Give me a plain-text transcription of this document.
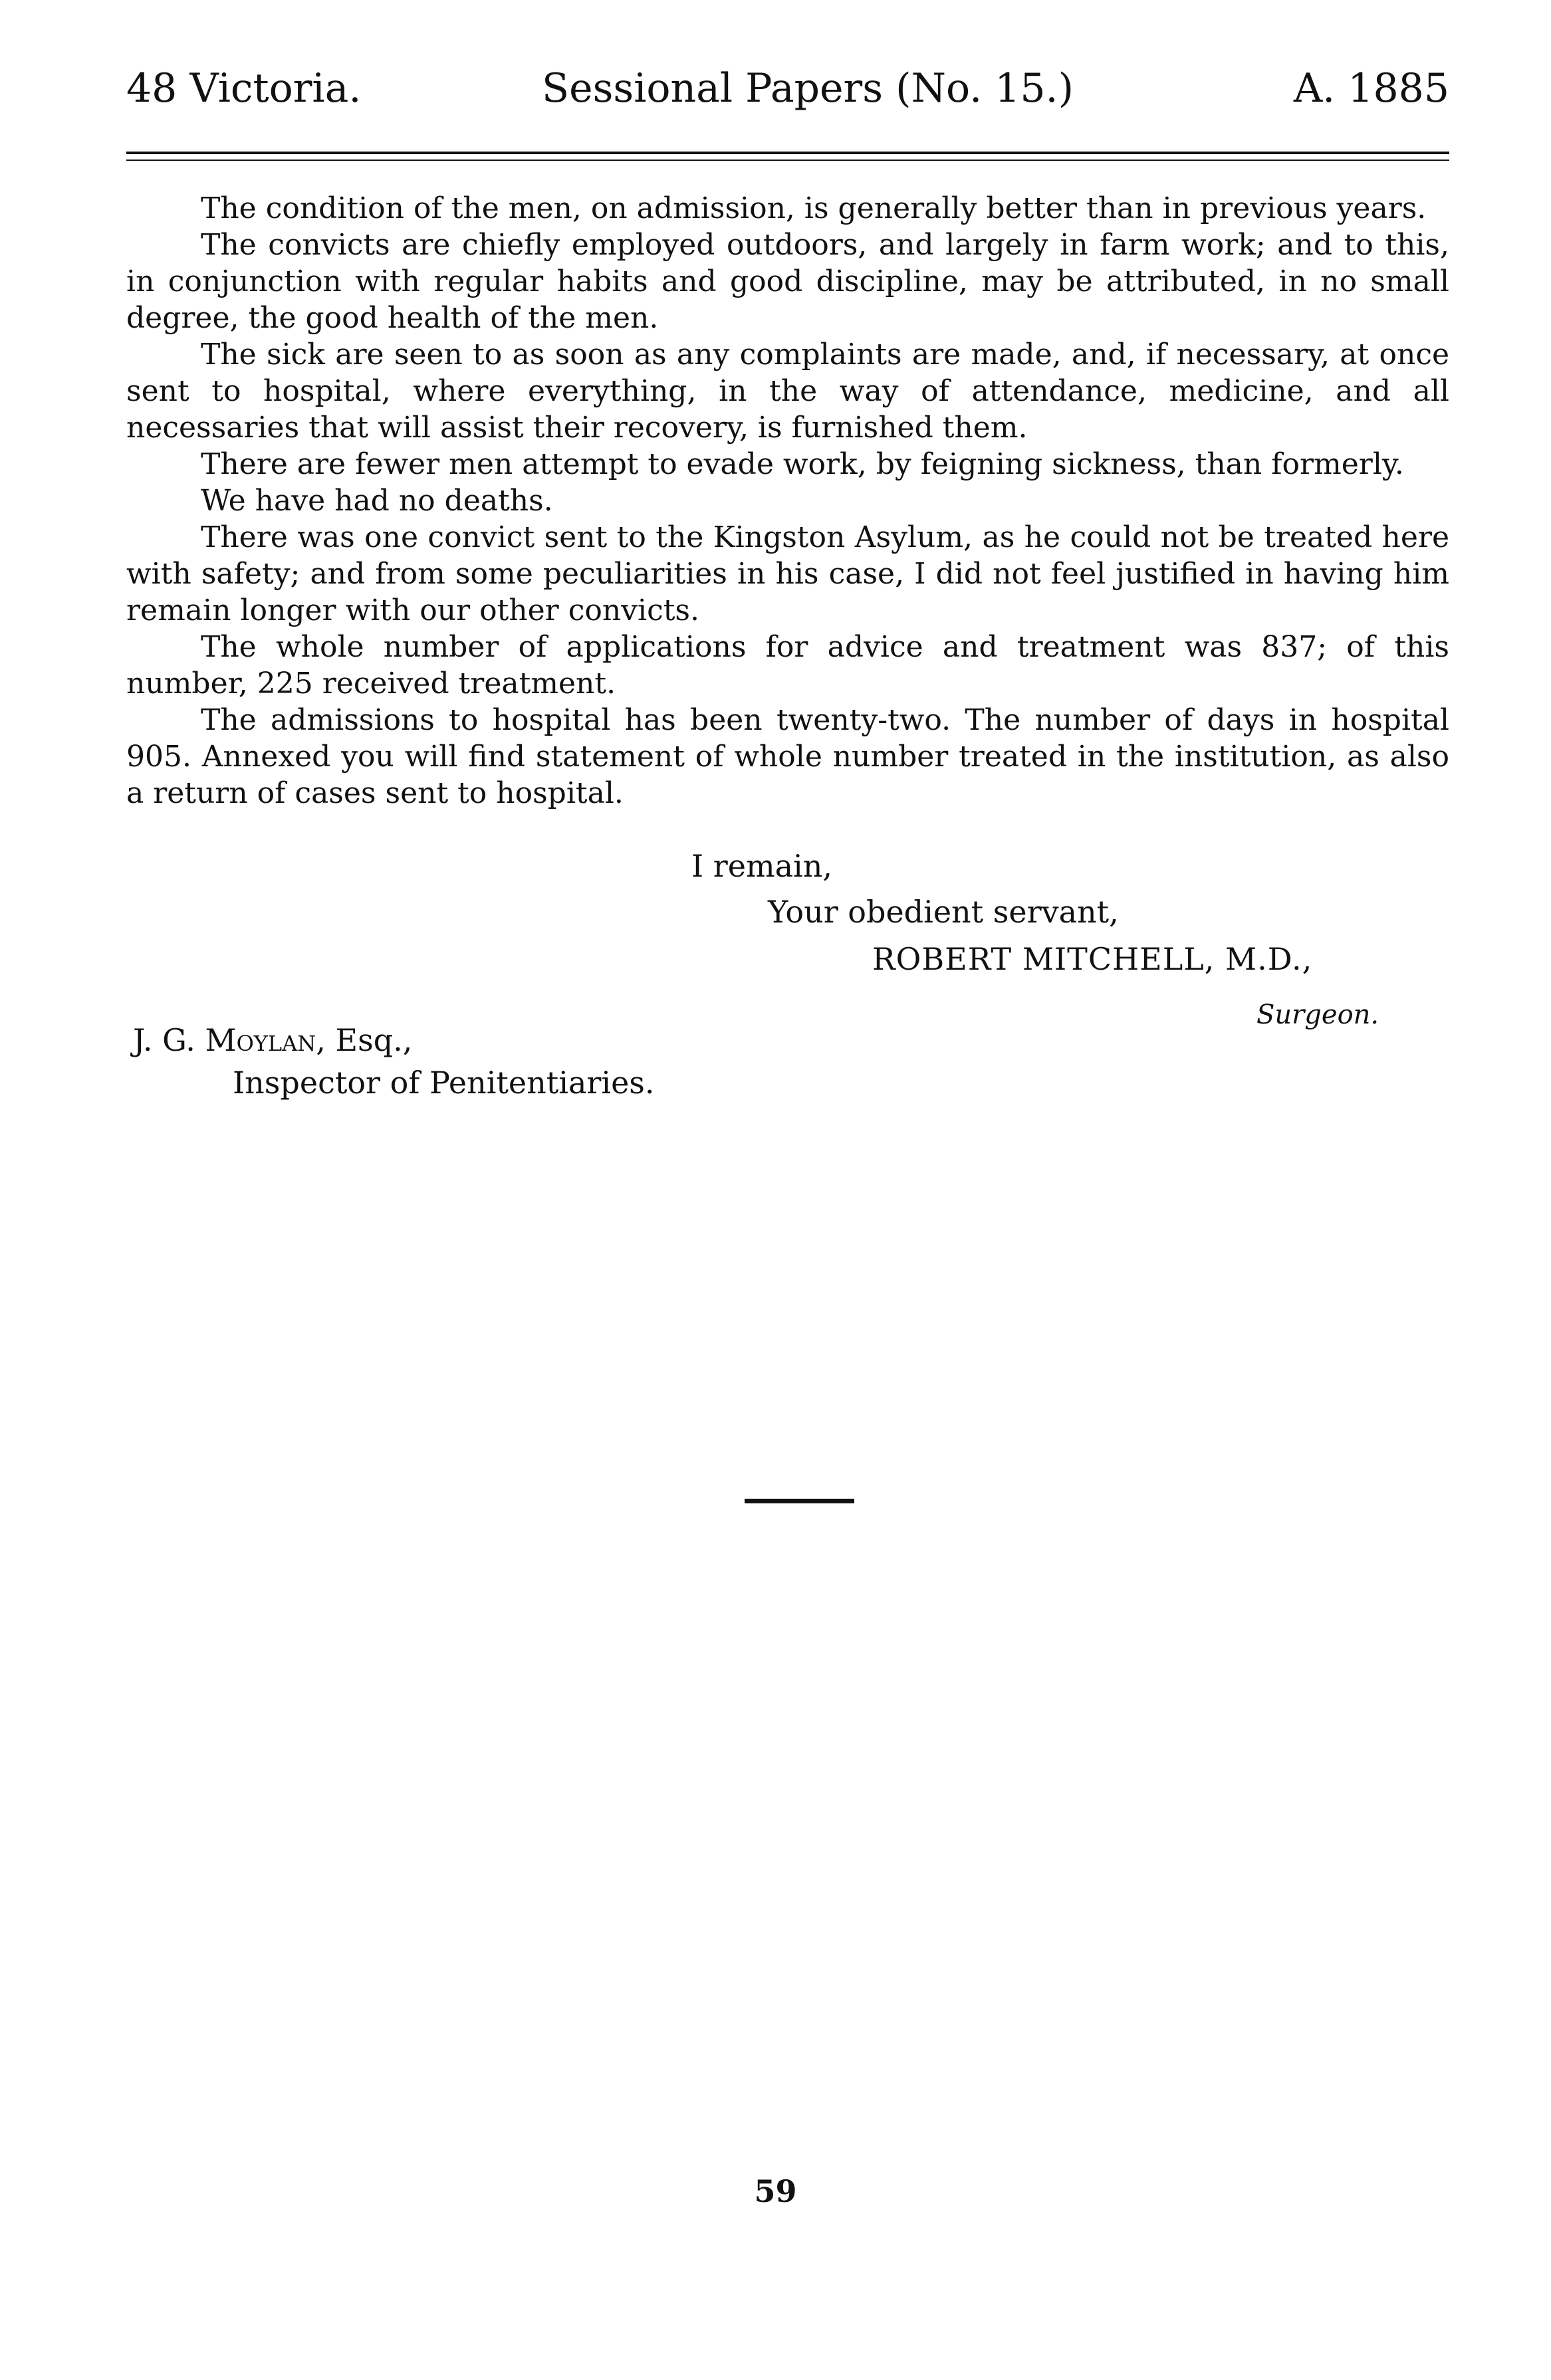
48 Victoria.	Sessional Papers (No. 15.)	A. 1885

The condition of the men, on admission, is generally better than in previous years.

The convicts are chiefly employed outdoors, and largely in farm work; and to this, in conjunction with regular habits and good discipline, may be attributed, in no small degree, the good health of the men.

The sick are seen to as soon as any complaints are made, and, if necessary, at once sent to hospital, where everything, in the way of attendance, medicine, and all necessaries that will assist their recovery, is furnished them.

There are fewer men attempt to evade work, by feigning sickness, than formerly.

We have had no deaths.

There was one convict sent to the Kingston Asylum, as he could not be treated here with safety; and from some peculiarities in his case, I did not feel justified in having him remain longer with our other convicts.

The whole number of applications for advice and treatment was 837; of this number, 225 received treatment.

The admissions to hospital has been twenty-two. The number of days in hospital 905. Annexed you will find statement of whole number treated in the institution, as also a return of cases sent to hospital.

I remain,
Your obedient servant,
ROBERT MITCHELL, M.D.,
Surgeon.
J. G. Moylan, Esq.,
Inspector of Penitentiaries.
59
